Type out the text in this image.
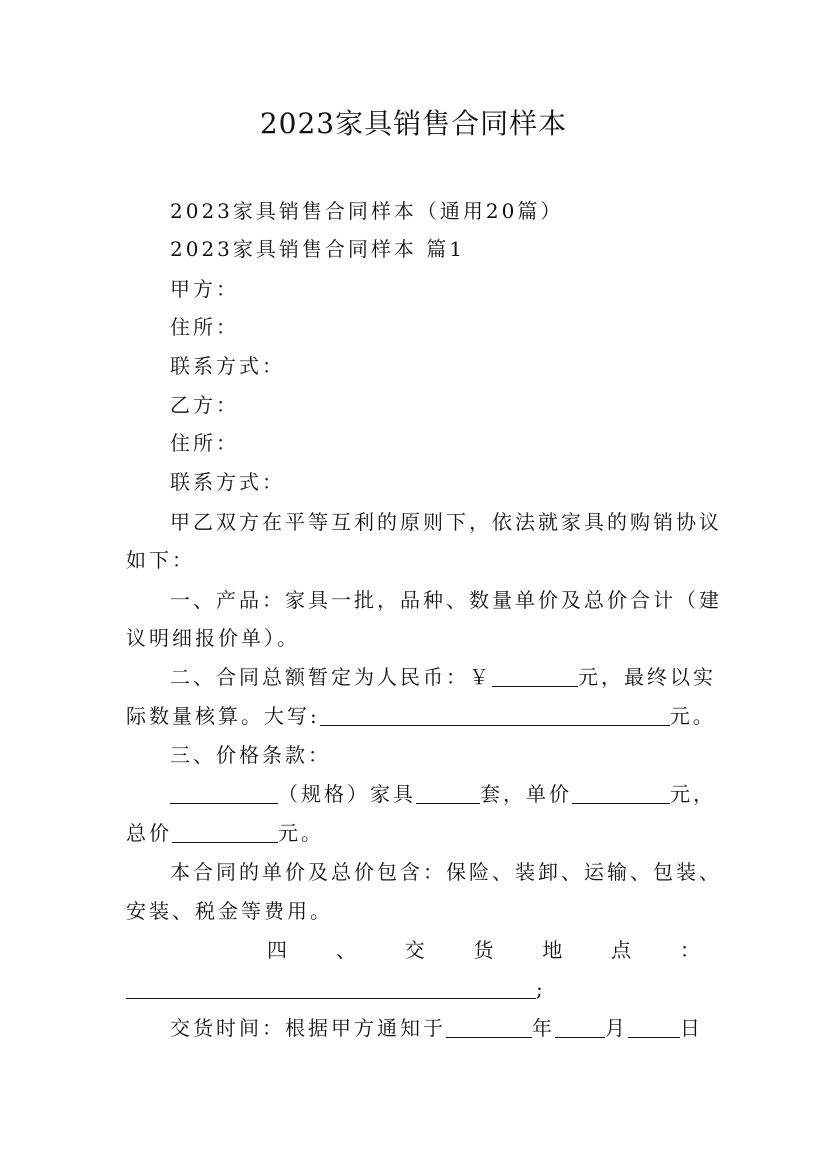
2023家具销售合同样本
2023家具销售合同样本（通用20篇）
2023家具销售合同样本 篇1
甲方：
住所：
联系方式：
乙方：
住所：
联系方式：
甲乙双方在平等互利的原则下，依法就家具的购销协议
如下：
一、产品：家具一批，品种、数量单价及总价合计（建
议明细报价单）。
二、合同总额暂定为人民币：￥	元，最终以实
际数量核算。大写:	元。
三、价格条款：
（规格）家具	套，单价	元，
总价	元。
本合同的单价及总价包含：保险、装卸、运输、包装、
安装、税金等费用。
四 、 交 货 地 点 ：
;
交货时间：根据甲方通知于	年	月	日
